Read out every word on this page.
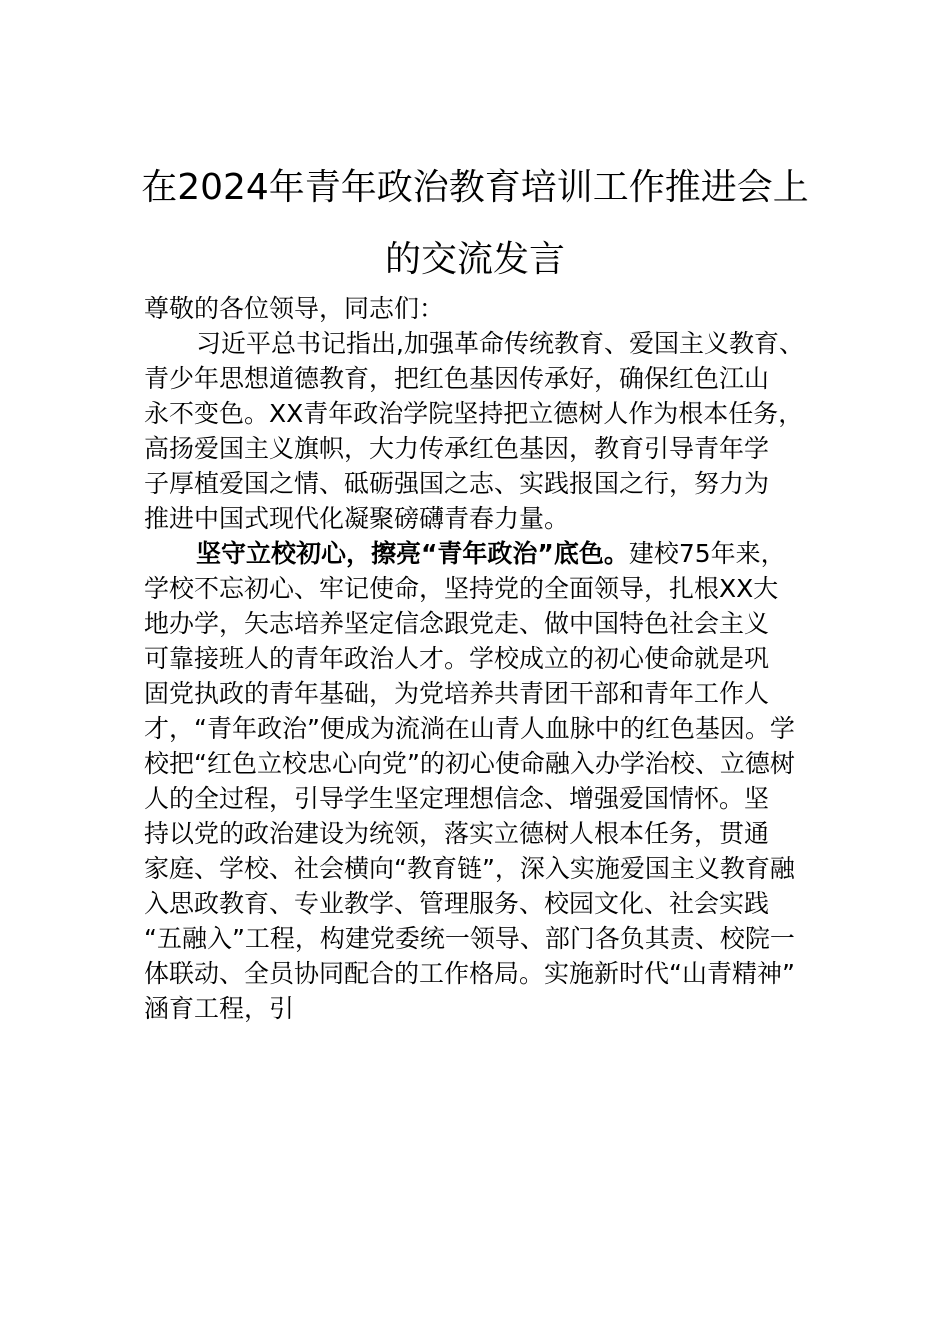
在2024年青年政治教育培训工作推进会上
的交流发言
尊敬的各位领导，同志们：
习近平总书记指出,加强革命传统教育、爱国主义教育、
青少年思想道德教育，把红色基因传承好，确保红色江山
永不变色。XX青年政治学院坚持把立德树人作为根本任务，
高扬爱国主义旗帜，大力传承红色基因，教育引导青年学
子厚植爱国之情、砥砺强国之志、实践报国之行，努力为
推进中国式现代化凝聚磅礴青春力量。
坚守立校初心，擦亮“青年政治”底色。建校75年来，
学校不忘初心、牢记使命，坚持党的全面领导，扎根XX大
地办学，矢志培养坚定信念跟党走、做中国特色社会主义
可靠接班人的青年政治人才。学校成立的初心使命就是巩
固党执政的青年基础，为党培养共青团干部和青年工作人
才，“青年政治”便成为流淌在山青人血脉中的红色基因。学
校把“红色立校忠心向党”的初心使命融入办学治校、立德树
人的全过程，引导学生坚定理想信念、增强爱国情怀。坚
持以党的政治建设为统领，落实立德树人根本任务，贯通
家庭、学校、社会横向“教育链”，深入实施爱国主义教育融
入思政教育、专业教学、管理服务、校园文化、社会实践
“五融入”工程，构建党委统一领导、部门各负其责、校院一
体联动、全员协同配合的工作格局。实施新时代“山青精神”
涵育工程，引
